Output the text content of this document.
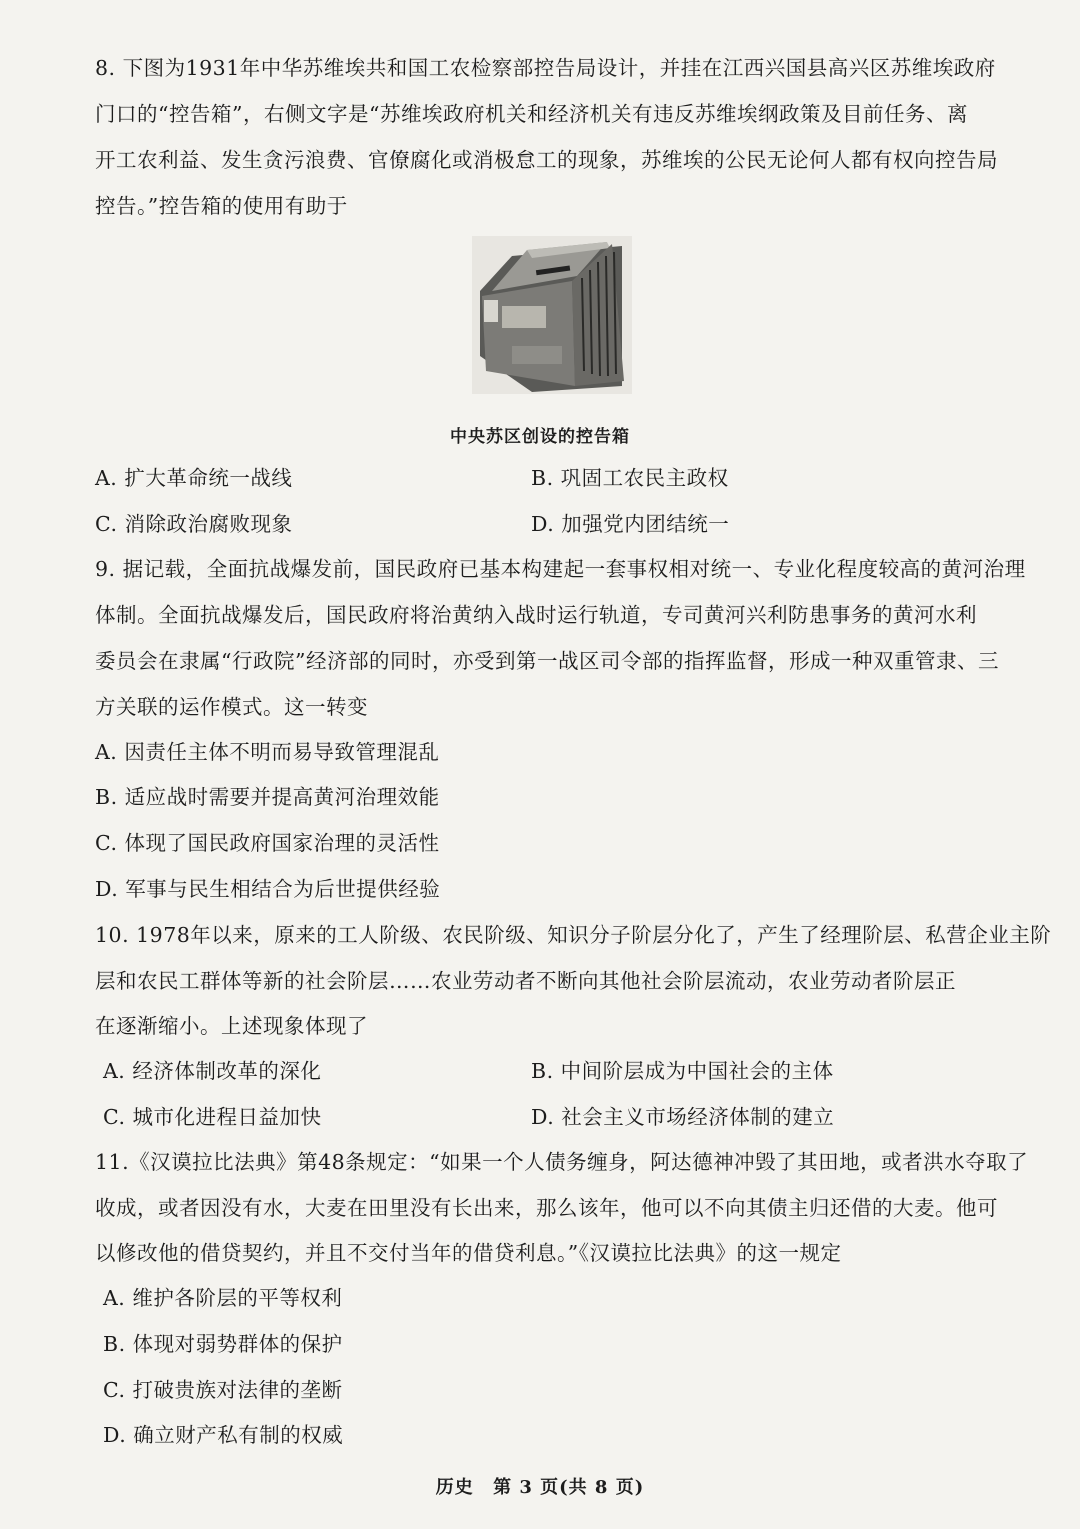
8. 下图为1931年中华苏维埃共和国工农检察部控告局设计，并挂在江西兴国县高兴区苏维埃政府
门口的“控告箱”，右侧文字是“苏维埃政府机关和经济机关有违反苏维埃纲政策及目前任务、离
开工农利益、发生贪污浪费、官僚腐化或消极怠工的现象，苏维埃的公民无论何人都有权向控告局
控告。”控告箱的使用有助于
中央苏区创设的控告箱
A. 扩大革命统一战线	B. 巩固工农民主政权
C. 消除政治腐败现象	D. 加强党内团结统一
9. 据记载，全面抗战爆发前，国民政府已基本构建起一套事权相对统一、专业化程度较高的黄河治理
体制。全面抗战爆发后，国民政府将治黄纳入战时运行轨道，专司黄河兴利防患事务的黄河水利
委员会在隶属“行政院”经济部的同时，亦受到第一战区司令部的指挥监督，形成一种双重管隶、三
方关联的运作模式。这一转变
A. 因责任主体不明而易导致管理混乱
B. 适应战时需要并提高黄河治理效能
C. 体现了国民政府国家治理的灵活性
D. 军事与民生相结合为后世提供经验
10. 1978年以来，原来的工人阶级、农民阶级、知识分子阶层分化了，产生了经理阶层、私营企业主阶
层和农民工群体等新的社会阶层……农业劳动者不断向其他社会阶层流动，农业劳动者阶层正
在逐渐缩小。上述现象体现了
A. 经济体制改革的深化	B. 中间阶层成为中国社会的主体
C. 城市化进程日益加快	D. 社会主义市场经济体制的建立
11.《汉谟拉比法典》第48条规定：“如果一个人债务缠身，阿达德神冲毁了其田地，或者洪水夺取了
收成，或者因没有水，大麦在田里没有长出来，那么该年，他可以不向其债主归还借的大麦。他可
以修改他的借贷契约，并且不交付当年的借贷利息。”《汉谟拉比法典》的这一规定
A. 维护各阶层的平等权利
B. 体现对弱势群体的保护
C. 打破贵族对法律的垄断
D. 确立财产私有制的权威
历史 第 3 页(共 8 页)
